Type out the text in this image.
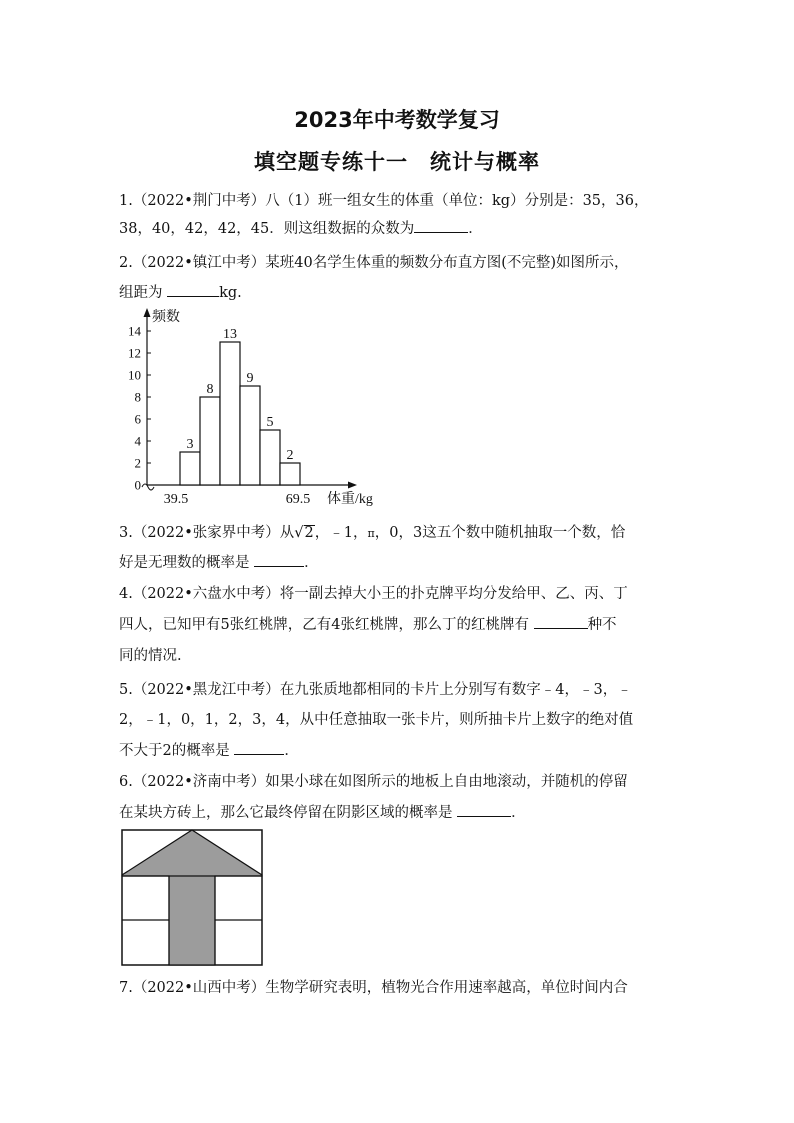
2023年中考数学复习
填空题专练十一　统计与概率
1.（2022•荆门中考）八（1）班一组女生的体重（单位：kg）分别是：35，36，
38，40，42，42，45．则这组数据的众数为	．
2.（2022•镇江中考）某班40名学生体重的频数分布直方图(不完整)如图所示，
组距为	kg.
0
2
4
6
8
10
12
14
频数
体重/kg
3
8
13
9
5
2
39.5	69.5
3.（2022•张家界中考）从√2，﹣1，π，0，3这五个数中随机抽取一个数，恰
好是无理数的概率是	．
4.（2022•六盘水中考）将一副去掉大小王的扑克牌平均分发给甲、乙、丙、丁
四人，已知甲有5张红桃牌，乙有4张红桃牌，那么丁的红桃牌有	种不
同的情况.
5.（2022•黑龙江中考）在九张质地都相同的卡片上分别写有数字﹣4，﹣3，﹣
2，﹣1，0，1，2，3，4，从中任意抽取一张卡片，则所抽卡片上数字的绝对值
不大于2的概率是	．
6.（2022•济南中考）如果小球在如图所示的地板上自由地滚动，并随机的停留
在某块方砖上，那么它最终停留在阴影区域的概率是	．
7.（2022•山西中考）生物学研究表明，植物光合作用速率越高，单位时间内合
